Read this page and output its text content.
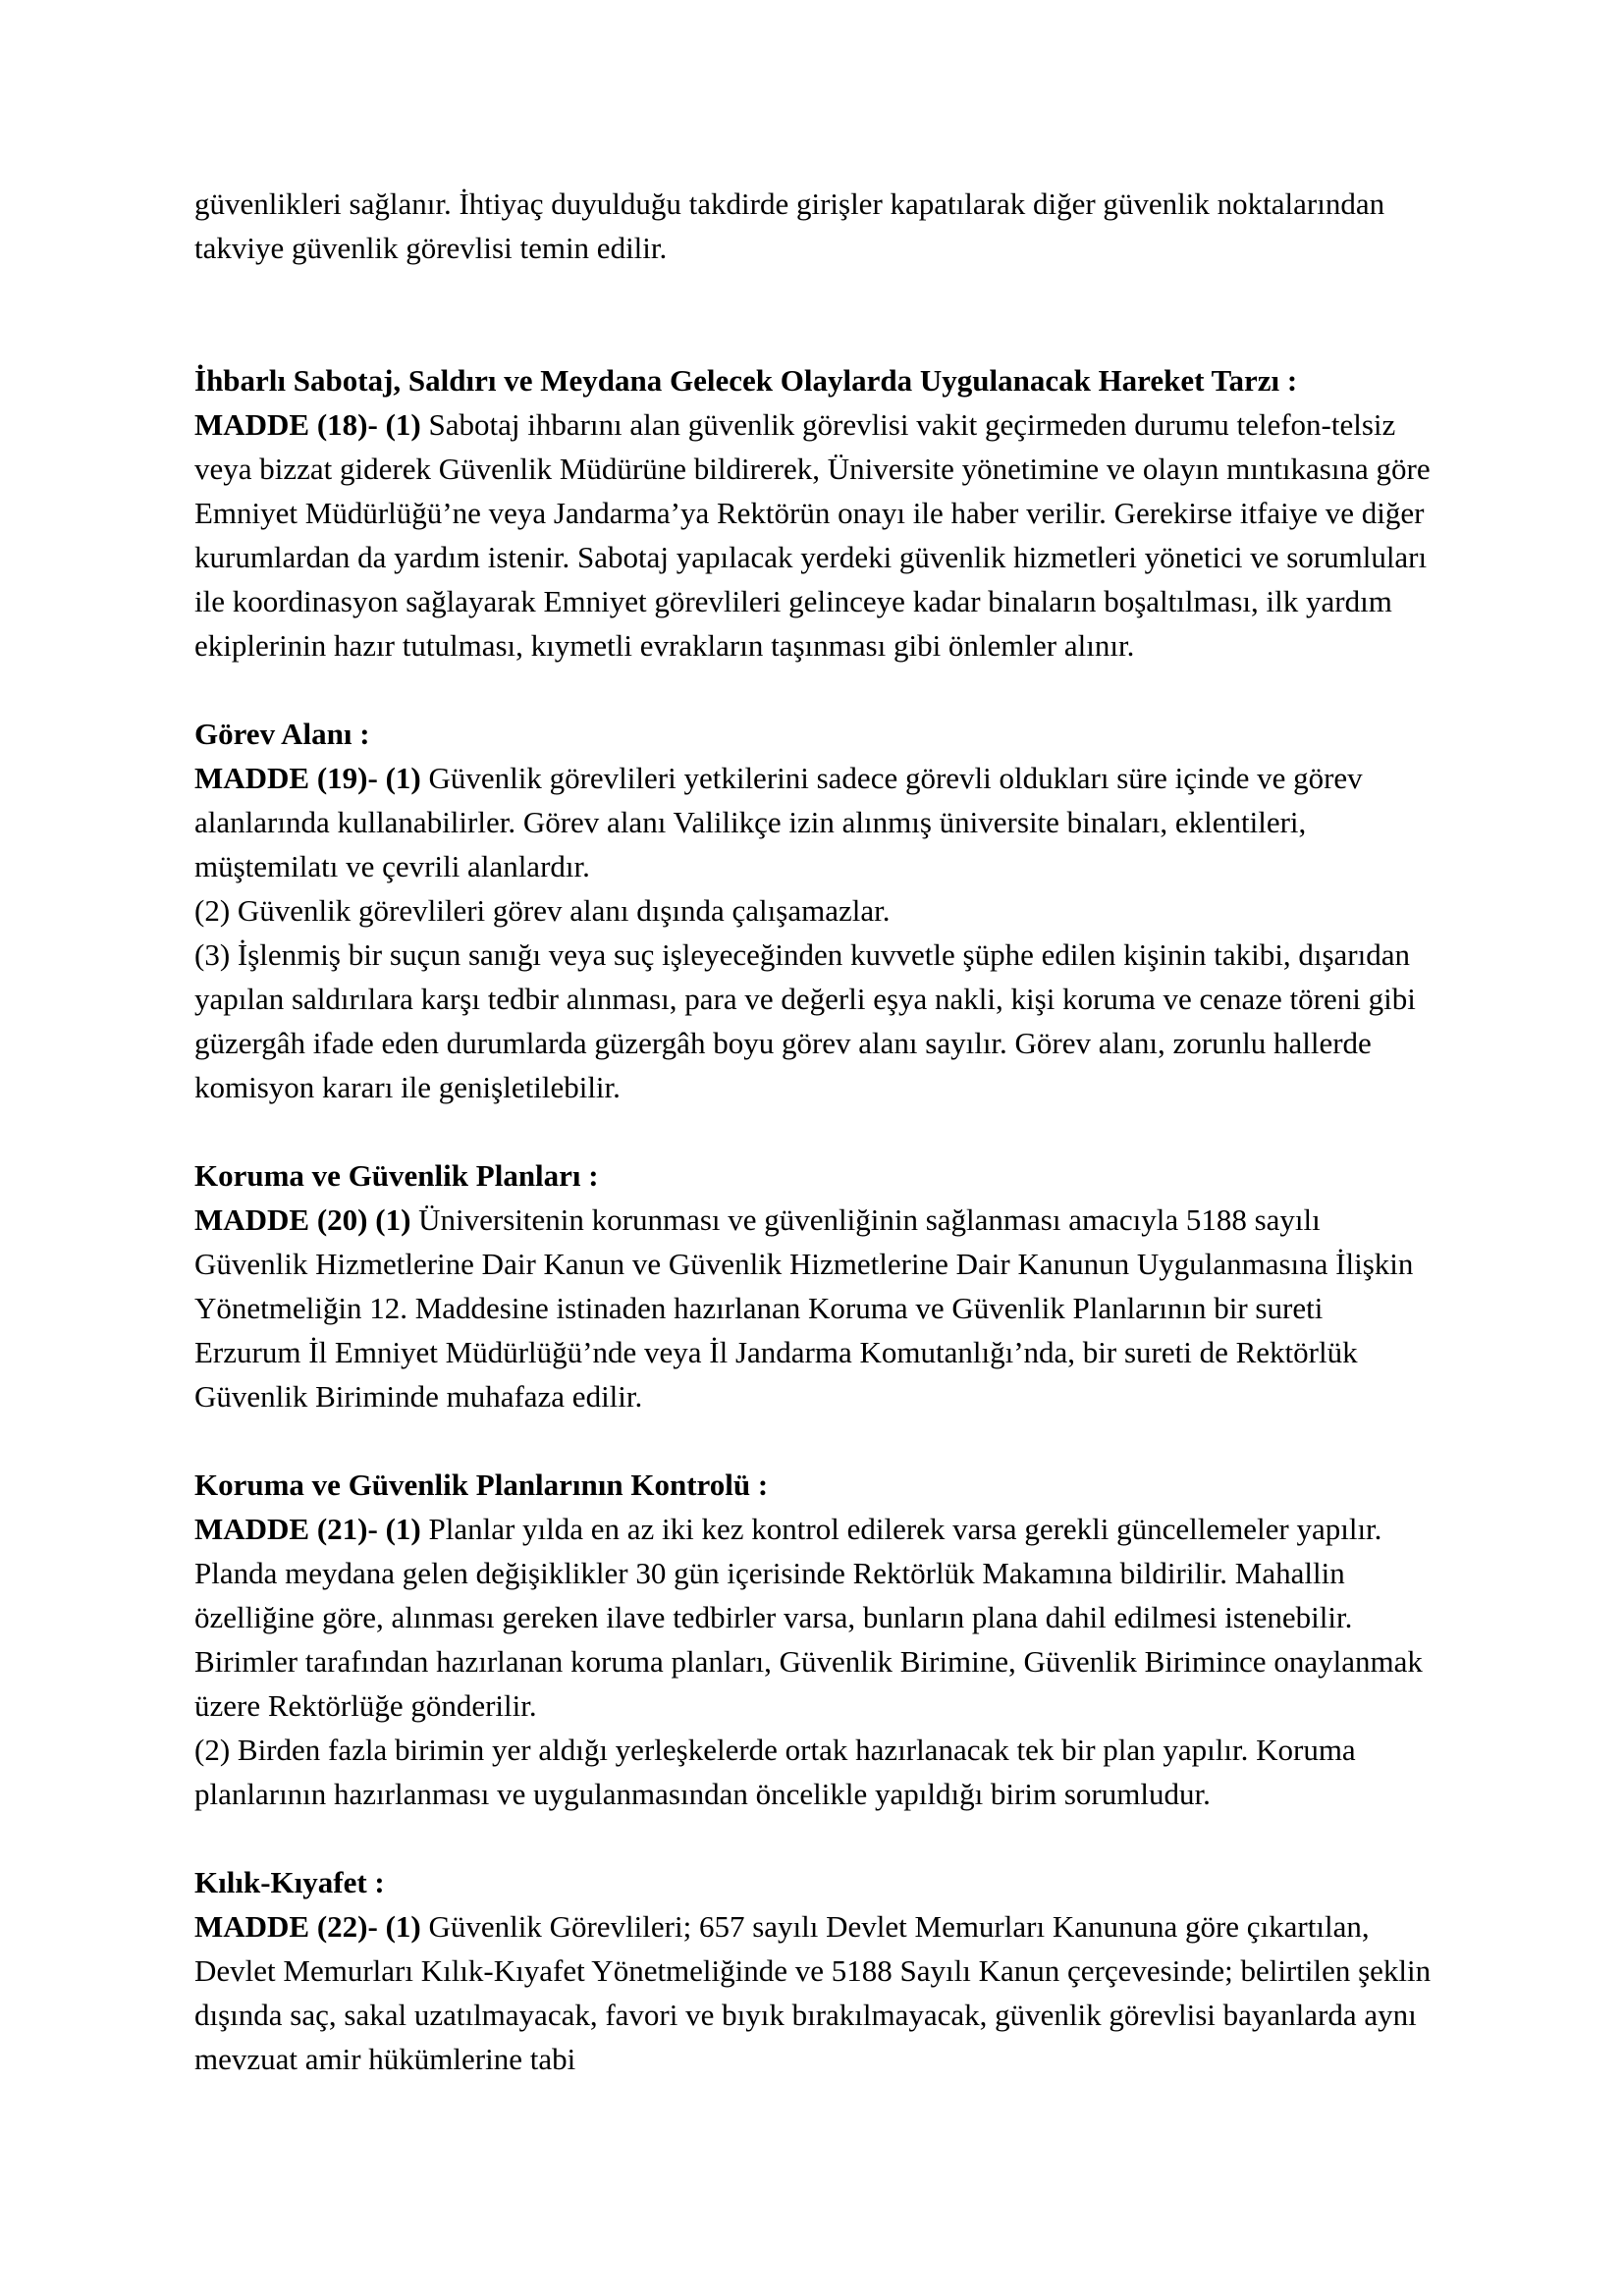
güvenlikleri sağlanır. İhtiyaç duyulduğu takdirde girişler kapatılarak diğer güvenlik noktalarından takviye güvenlik görevlisi temin edilir.

İhbarlı Sabotaj, Saldırı ve Meydana Gelecek Olaylarda Uygulanacak Hareket Tarzı :

MADDE (18)- (1) Sabotaj ihbarını alan güvenlik görevlisi vakit geçirmeden durumu telefon-telsiz veya bizzat giderek Güvenlik Müdürüne bildirerek, Üniversite yönetimine ve olayın mıntıkasına göre Emniyet Müdürlüğü’ne veya Jandarma’ya Rektörün onayı ile haber verilir. Gerekirse itfaiye ve diğer kurumlardan da yardım istenir. Sabotaj yapılacak yerdeki güvenlik hizmetleri yönetici ve sorumluları ile koordinasyon sağlayarak Emniyet görevlileri gelinceye kadar binaların boşaltılması, ilk yardım ekiplerinin hazır tutulması, kıymetli evrakların taşınması gibi önlemler alınır.

Görev Alanı :

MADDE (19)- (1) Güvenlik görevlileri yetkilerini sadece görevli oldukları süre içinde ve görev alanlarında kullanabilirler. Görev alanı Valilikçe izin alınmış üniversite binaları, eklentileri, müştemilatı ve çevrili alanlardır.

(2) Güvenlik görevlileri görev alanı dışında çalışamazlar.

(3) İşlenmiş bir suçun sanığı veya suç işleyeceğinden kuvvetle şüphe edilen kişinin takibi, dışarıdan yapılan saldırılara karşı tedbir alınması, para ve değerli eşya nakli, kişi koruma ve cenaze töreni gibi güzergâh ifade eden durumlarda güzergâh boyu görev alanı sayılır. Görev alanı, zorunlu hallerde komisyon kararı ile genişletilebilir.

Koruma ve Güvenlik Planları :

MADDE (20) (1) Üniversitenin korunması ve güvenliğinin sağlanması amacıyla 5188 sayılı Güvenlik Hizmetlerine Dair Kanun ve Güvenlik Hizmetlerine Dair Kanunun Uygulanmasına İlişkin Yönetmeliğin 12. Maddesine istinaden hazırlanan Koruma ve Güvenlik Planlarının bir sureti Erzurum İl Emniyet Müdürlüğü’nde veya İl Jandarma Komutanlığı’nda, bir sureti de Rektörlük Güvenlik Biriminde muhafaza edilir.

Koruma ve Güvenlik Planlarının Kontrolü :

MADDE (21)- (1) Planlar yılda en az iki kez kontrol edilerek varsa gerekli güncellemeler yapılır. Planda meydana gelen değişiklikler 30 gün içerisinde Rektörlük Makamına bildirilir. Mahallin özelliğine göre, alınması gereken ilave tedbirler varsa, bunların plana dahil edilmesi istenebilir. Birimler tarafından hazırlanan koruma planları, Güvenlik Birimine, Güvenlik Birimince onaylanmak üzere Rektörlüğe gönderilir.

(2) Birden fazla birimin yer aldığı yerleşkelerde ortak hazırlanacak tek bir plan yapılır. Koruma planlarının hazırlanması ve uygulanmasından öncelikle yapıldığı birim sorumludur.

Kılık-Kıyafet :

MADDE (22)- (1) Güvenlik Görevlileri; 657 sayılı Devlet Memurları Kanununa göre çıkartılan, Devlet Memurları Kılık-Kıyafet Yönetmeliğinde ve 5188 Sayılı Kanun çerçevesinde; belirtilen şeklin dışında saç, sakal uzatılmayacak, favori ve bıyık bırakılmayacak, güvenlik görevlisi bayanlarda aynı mevzuat amir hükümlerine tabi
